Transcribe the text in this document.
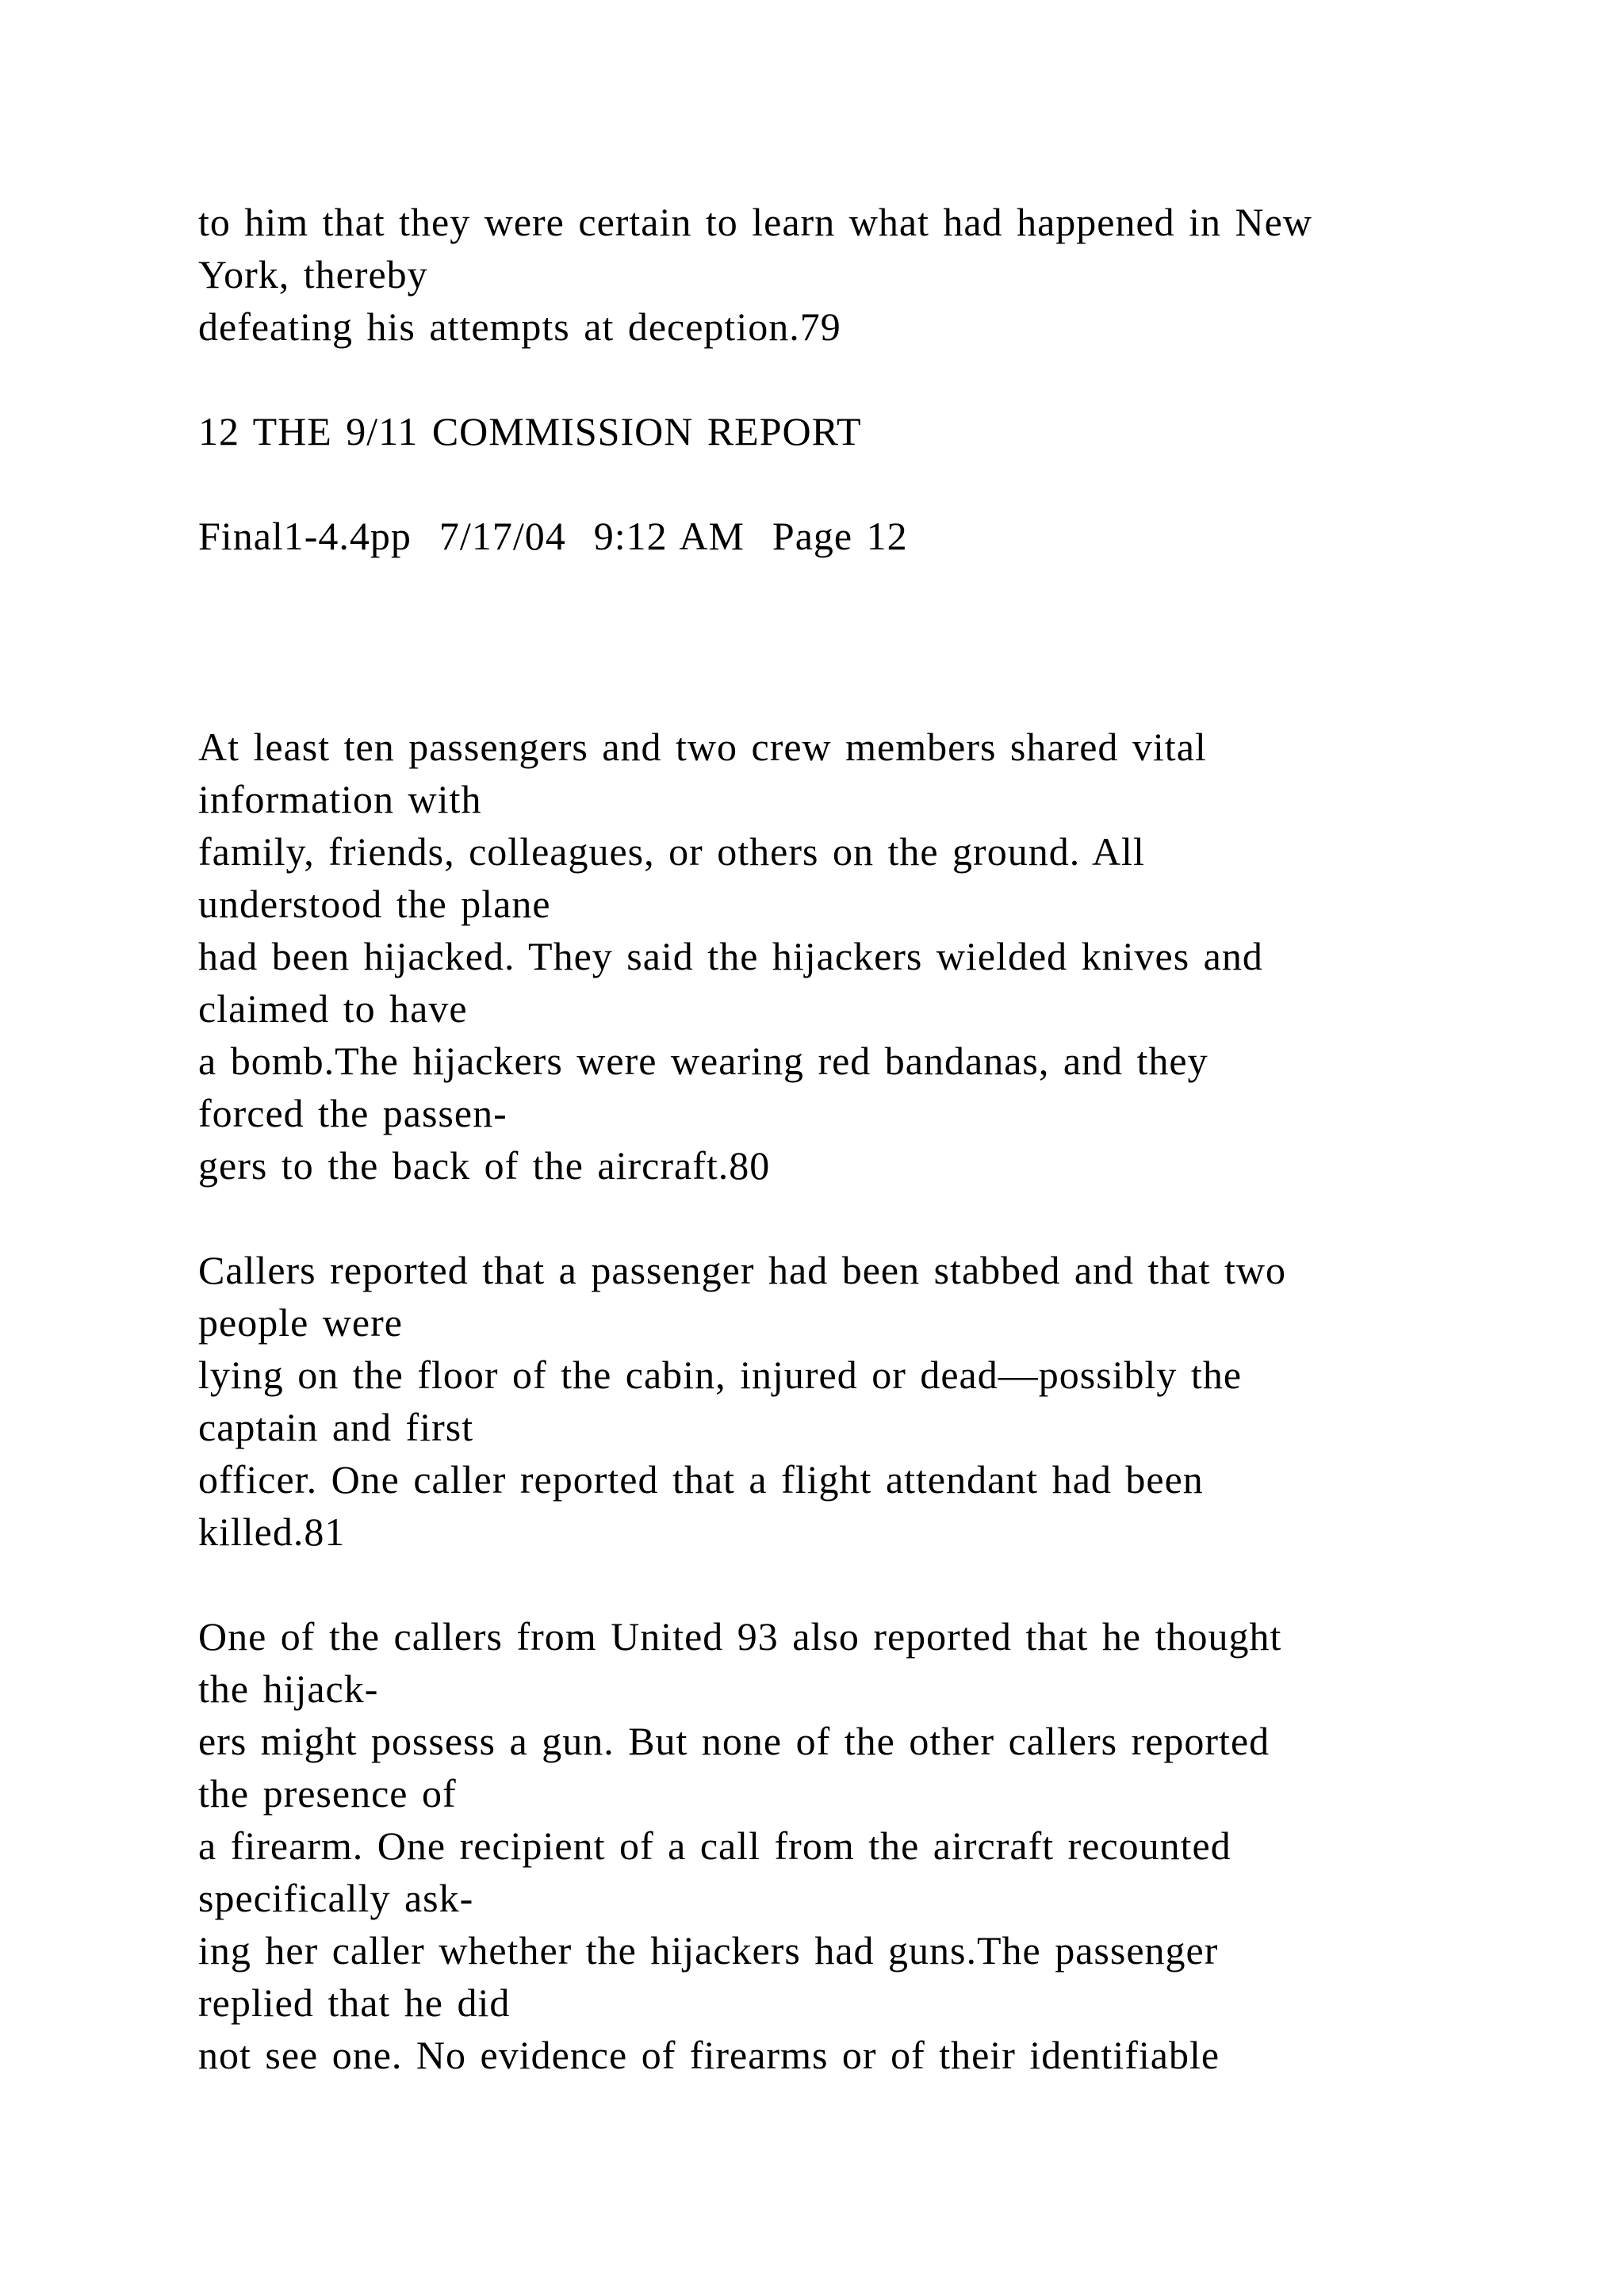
to him that they were certain to learn what had happened in New
York, thereby
defeating his attempts at deception.79
12 THE 9/11 COMMISSION REPORT
Final1-4.4pp  7/17/04  9:12 AM  Page 12
At least ten passengers and two crew members shared vital
information with
family, friends, colleagues, or others on the ground. All
understood the plane
had been hijacked. They said the hijackers wielded knives and
claimed to have
a bomb.The hijackers were wearing red bandanas, and they
forced the passen-
gers to the back of the aircraft.80
Callers reported that a passenger had been stabbed and that two
people were
lying on the floor of the cabin, injured or dead—possibly the
captain and first
officer. One caller reported that a flight attendant had been
killed.81
One of the callers from United 93 also reported that he thought
the hijack-
ers might possess a gun. But none of the other callers reported
the presence of
a firearm. One recipient of a call from the aircraft recounted
specifically ask-
ing her caller whether the hijackers had guns.The passenger
replied that he did
not see one. No evidence of firearms or of their identifiable
